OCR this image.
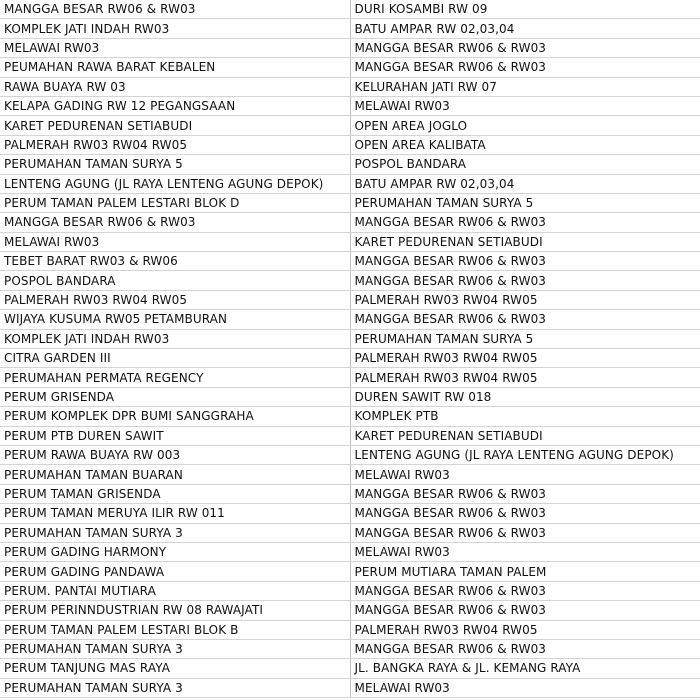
MANGGA BESAR RW06 & RW03	DURI KOSAMBI RW 09
KOMPLEK JATI INDAH RW03	BATU AMPAR RW 02,03,04
MELAWAI RW03	MANGGA BESAR RW06 & RW03
PEUMAHAN RAWA BARAT KEBALEN	MANGGA BESAR RW06 & RW03
RAWA BUAYA RW 03	KELURAHAN JATI RW 07
KELAPA GADING RW 12 PEGANGSAAN	MELAWAI RW03
KARET PEDURENAN SETIABUDI	OPEN AREA JOGLO
PALMERAH RW03 RW04 RW05	OPEN AREA KALIBATA
PERUMAHAN TAMAN SURYA 5	POSPOL BANDARA
LENTENG AGUNG (JL RAYA LENTENG AGUNG DEPOK)	BATU AMPAR RW 02,03,04
PERUM TAMAN PALEM LESTARI BLOK D	PERUMAHAN TAMAN SURYA 5
MANGGA BESAR RW06 & RW03	MANGGA BESAR RW06 & RW03
MELAWAI RW03	KARET PEDURENAN SETIABUDI
TEBET BARAT RW03 & RW06	MANGGA BESAR RW06 & RW03
POSPOL BANDARA	MANGGA BESAR RW06 & RW03
PALMERAH RW03 RW04 RW05	PALMERAH RW03 RW04 RW05
WIJAYA KUSUMA RW05 PETAMBURAN	MANGGA BESAR RW06 & RW03
KOMPLEK JATI INDAH RW03	PERUMAHAN TAMAN SURYA 5
CITRA GARDEN III	PALMERAH RW03 RW04 RW05
PERUMAHAN PERMATA REGENCY	PALMERAH RW03 RW04 RW05
PERUM GRISENDA	DUREN SAWIT RW 018
PERUM KOMPLEK DPR BUMI SANGGRAHA	KOMPLEK PTB
PERUM PTB DUREN SAWIT	KARET PEDURENAN SETIABUDI
PERUM RAWA BUAYA RW 003	LENTENG AGUNG (JL RAYA LENTENG AGUNG DEPOK)
PERUMAHAN TAMAN BUARAN	MELAWAI RW03
PERUM TAMAN GRISENDA	MANGGA BESAR RW06 & RW03
PERUM TAMAN MERUYA ILIR RW 011	MANGGA BESAR RW06 & RW03
PERUMAHAN TAMAN SURYA 3	MANGGA BESAR RW06 & RW03
PERUM GADING HARMONY	MELAWAI RW03
PERUM GADING PANDAWA	PERUM MUTIARA TAMAN PALEM
PERUM. PANTAI MUTIARA	MANGGA BESAR RW06 & RW03
PERUM PERINNDUSTRIAN RW 08 RAWAJATI	MANGGA BESAR RW06 & RW03
PERUM TAMAN PALEM LESTARI BLOK B	PALMERAH RW03 RW04 RW05
PERUMAHAN TAMAN SURYA 3	MANGGA BESAR RW06 & RW03
PERUM TANJUNG MAS RAYA	JL. BANGKA RAYA & JL. KEMANG RAYA
PERUMAHAN TAMAN SURYA 3	MELAWAI RW03
